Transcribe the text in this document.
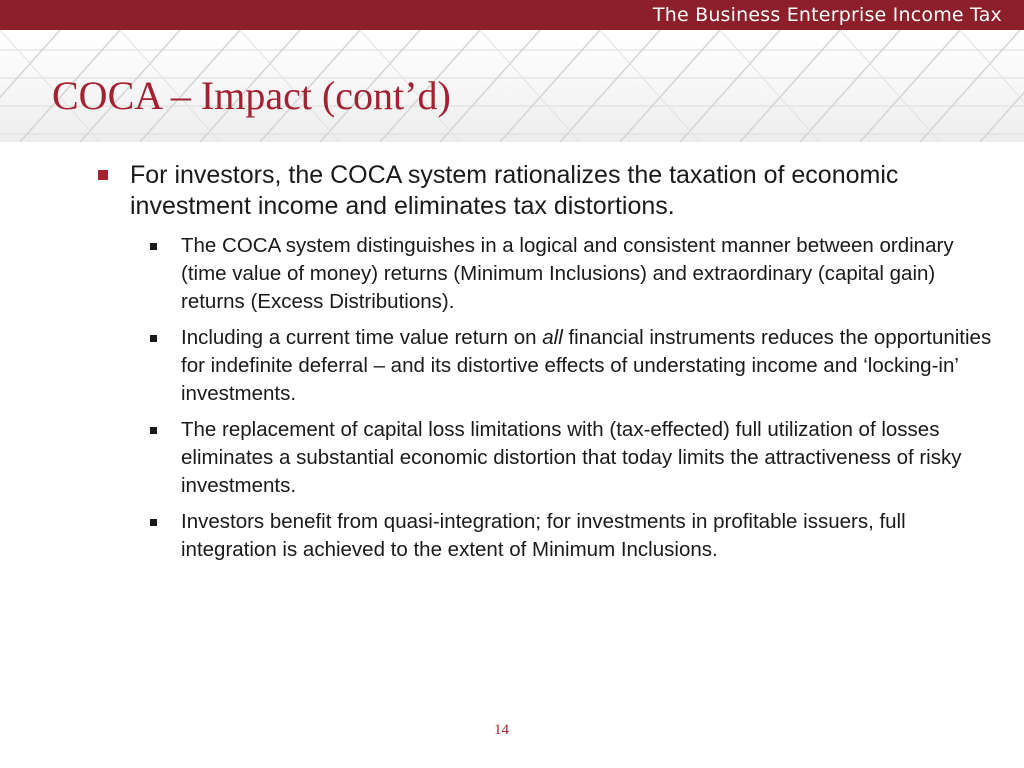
The Business Enterprise Income Tax
COCA – Impact (cont’d)
For investors, the COCA system rationalizes the taxation of economic investment income and eliminates tax distortions.
The COCA system distinguishes in a logical and consistent manner between ordinary (time value of money) returns (Minimum Inclusions) and extraordinary (capital gain) returns (Excess Distributions).
Including a current time value return on all financial instruments reduces the opportunities for indefinite deferral – and its distortive effects of understating income and ‘locking-in’ investments.
The replacement of capital loss limitations with (tax-effected) full utilization of losses eliminates a substantial economic distortion that today limits the attractiveness of risky investments.
Investors benefit from quasi-integration; for investments in profitable issuers, full integration is achieved to the extent of Minimum Inclusions.
14
